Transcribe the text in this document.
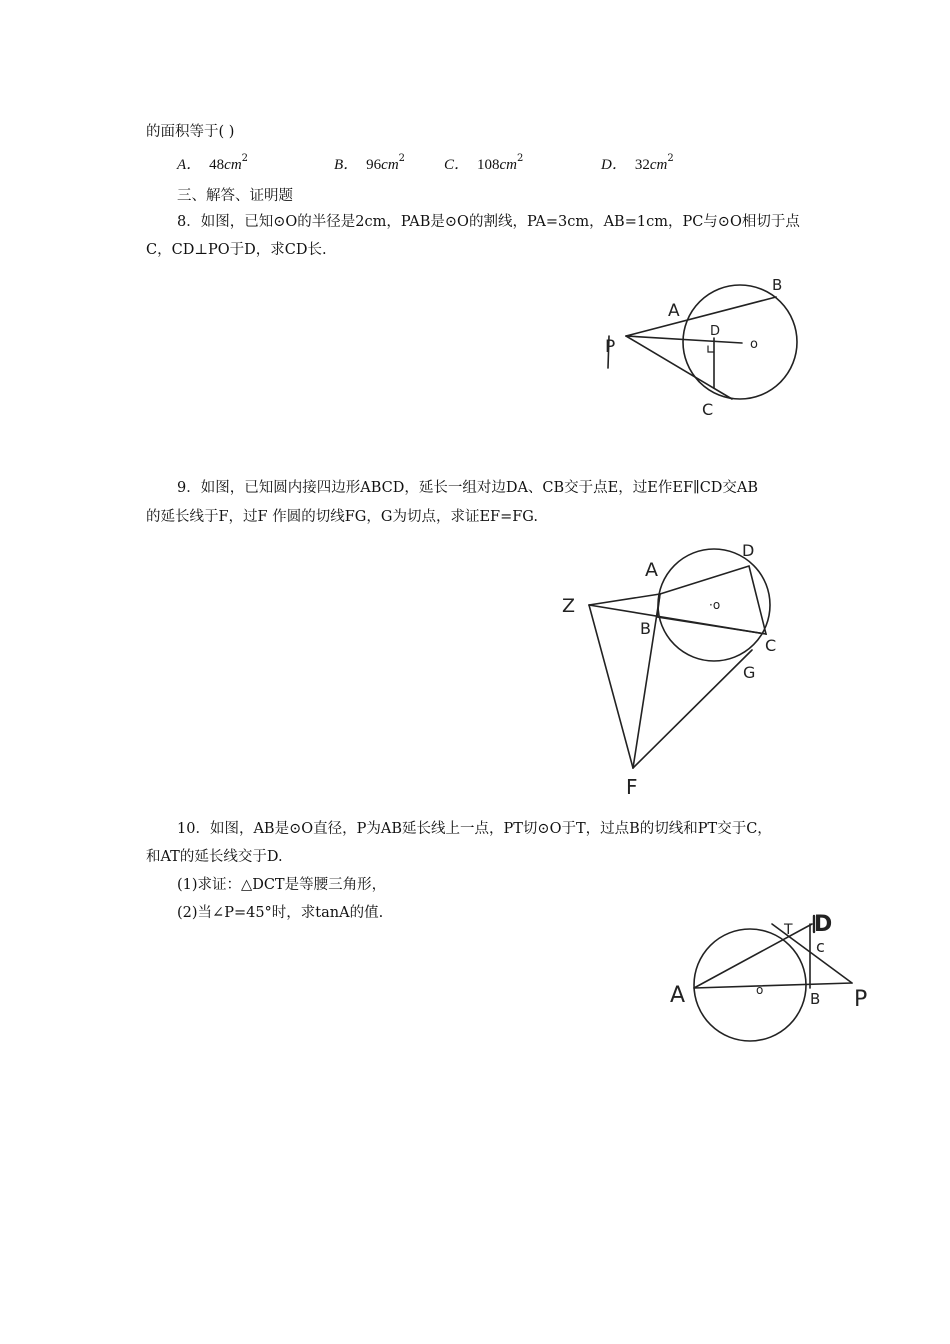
的面积等于( )
A． $48cm^2$	B． $96cm^2$	C． $108cm^2$	D． $32cm^2$
三、解答、证明题
8．如图，已知⊙O的半径是2cm，PAB是⊙O的割线，PA=3cm，AB=1cm，PC与⊙O相切于点
C，CD⊥PO于D，求CD长.
P
A
B
D
o
C
9．如图，已知圆内接四边形ABCD，延长一组对边DA、CB交于点E，过E作EF∥CD交AB
的延长线于F，过F 作圆的切线FG，G为切点，求证EF=FG.
A
D
Z	·o
B
C
G
F
10．如图，AB是⊙O直径，P为AB延长线上一点，PT切⊙O于T，过点B的切线和PT交于C，
和AT的延长线交于D.
(1)求证：△DCT是等腰三角形，
(2)当∠P=45°时，求tanA的值.
A
T D
c
o	B P
